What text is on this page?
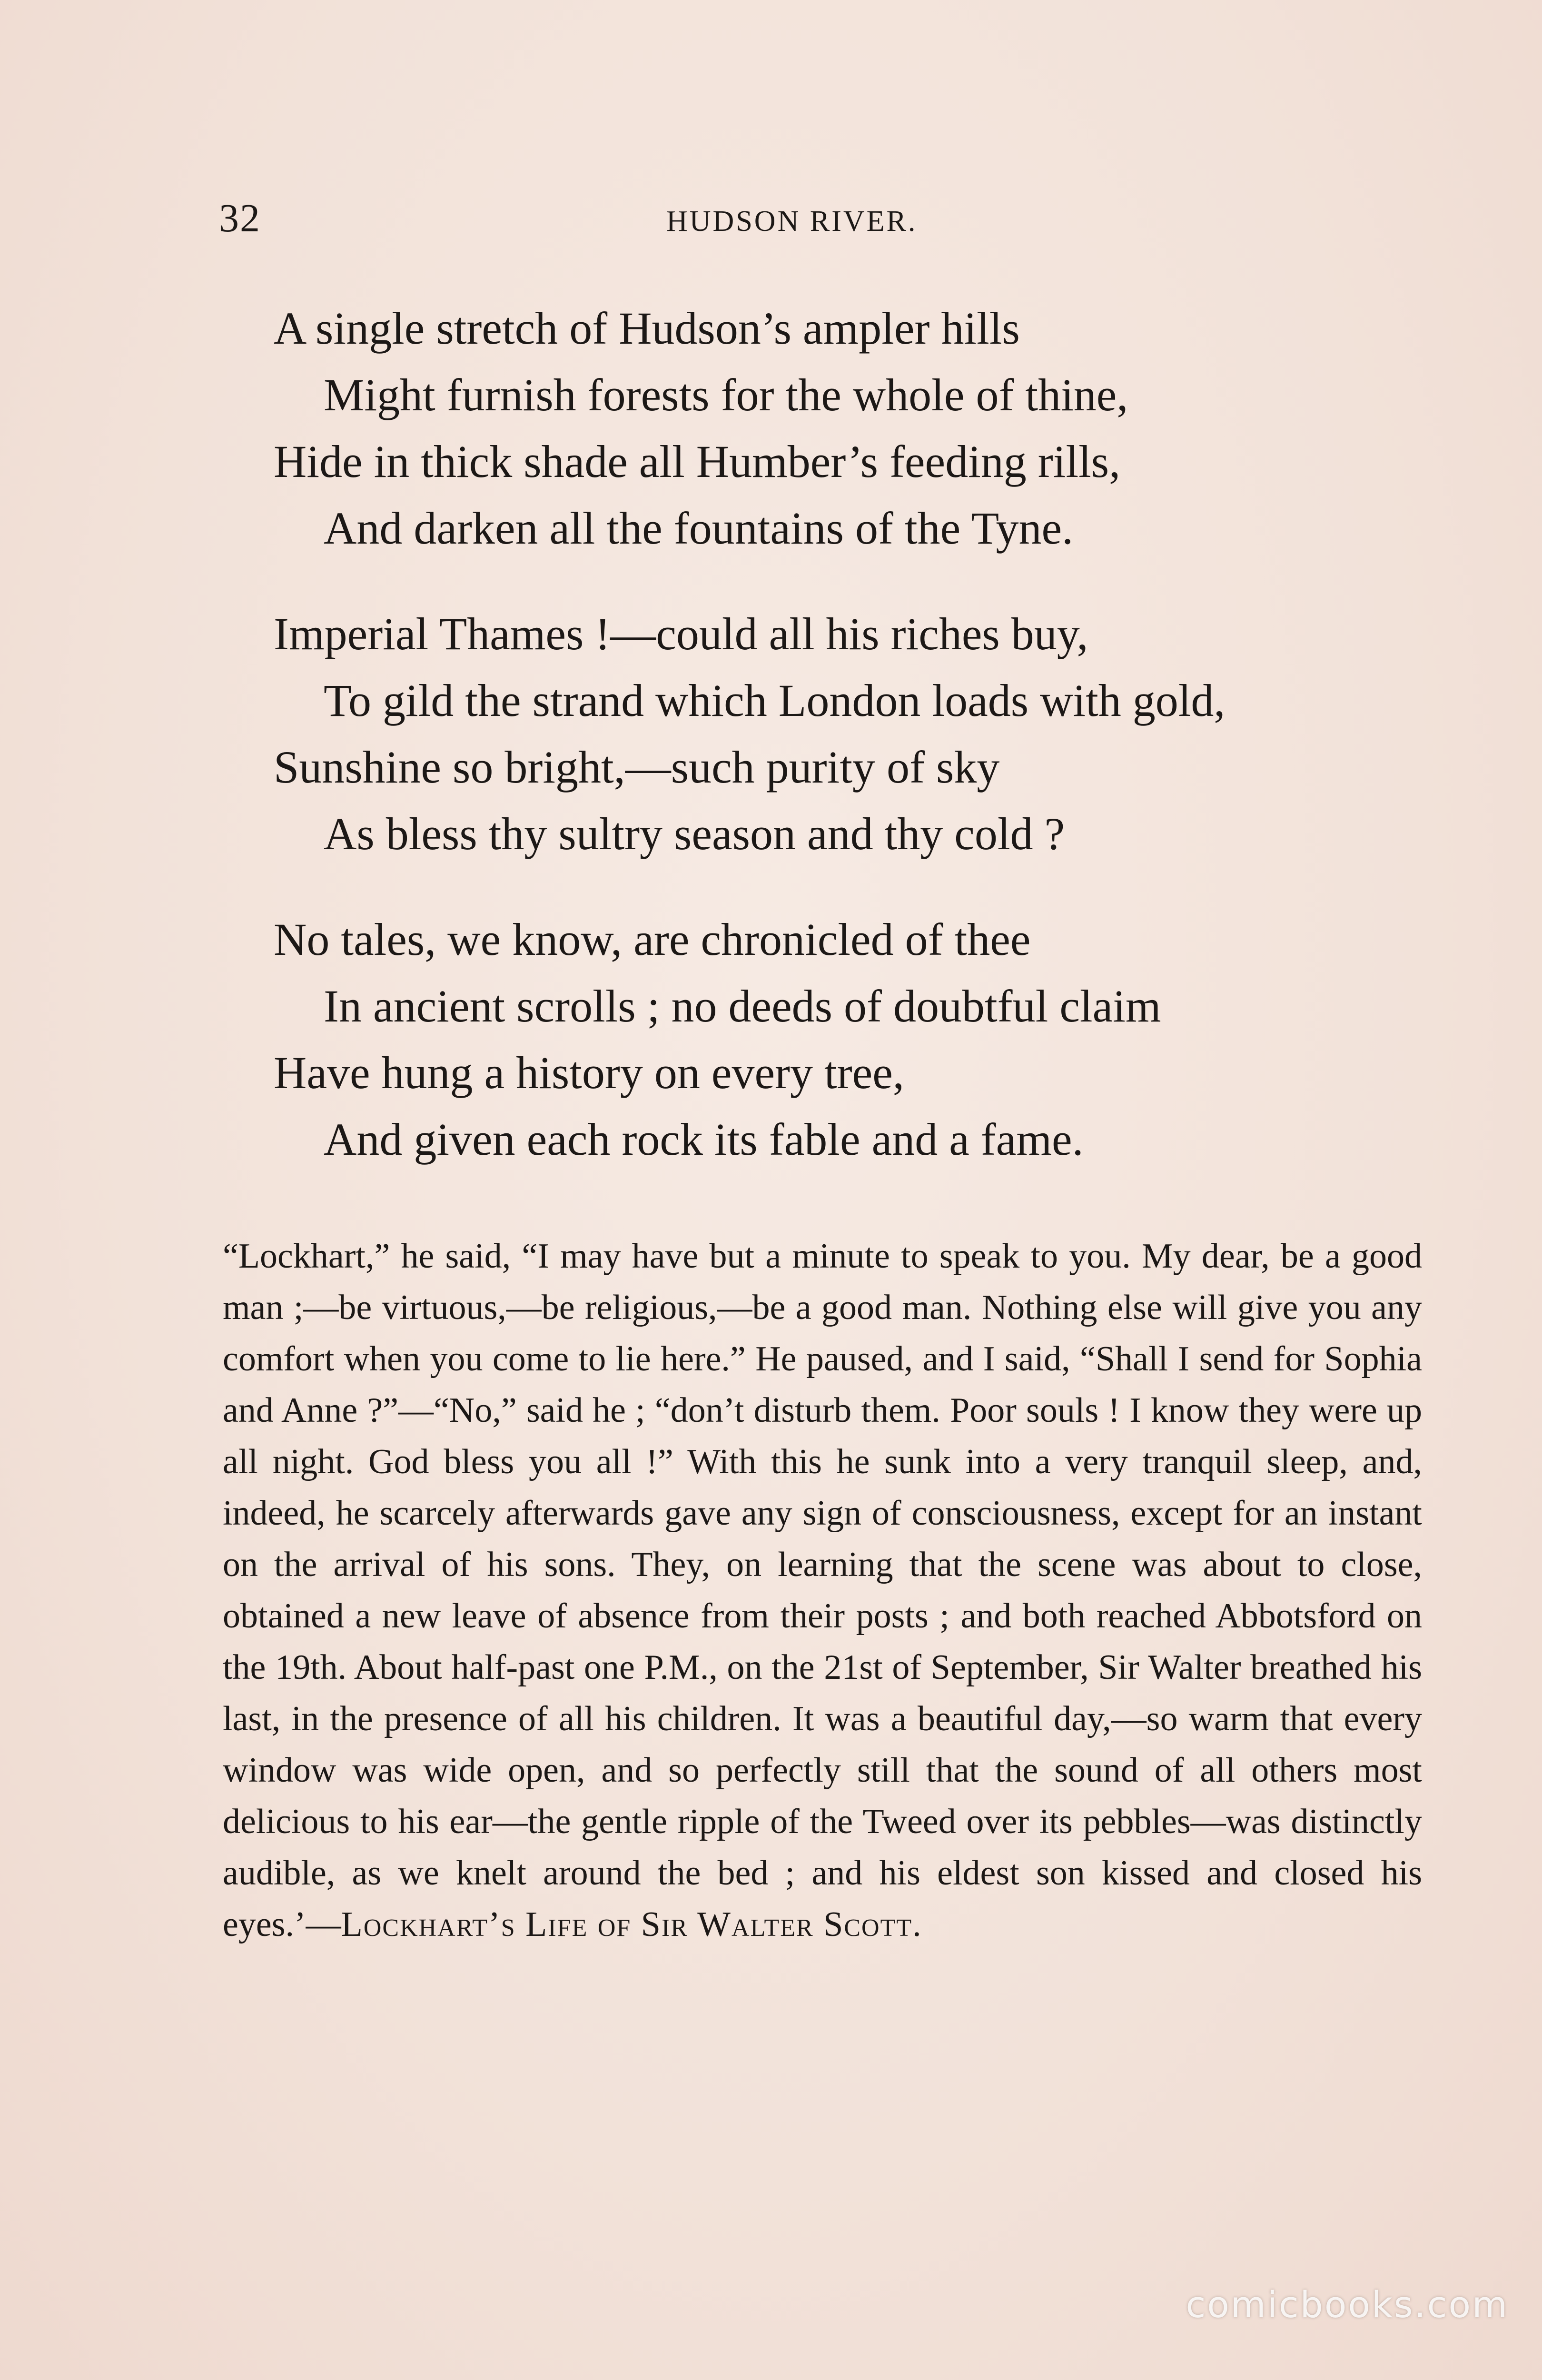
32	HUDSON RIVER.
A single stretch of Hudson’s ampler hills
Might furnish forests for the whole of thine,
Hide in thick shade all Humber’s feeding rills,
And darken all the fountains of the Tyne.
Imperial Thames !—could all his riches buy,
To gild the strand which London loads with gold,
Sunshine so bright,—such purity of sky
As bless thy sultry season and thy cold ?
No tales, we know, are chronicled of thee
In ancient scrolls ; no deeds of doubtful claim
Have hung a history on every tree,
And given each rock its fable and a fame.
“Lockhart,” he said, “I may have but a minute to speak to you. My dear, be a good man ;—be virtuous,—be religious,—be a good man. Nothing else will give you any comfort when you come to lie here.” He paused, and I said, “Shall I send for Sophia and Anne ?”—“No,” said he ; “don’t disturb them. Poor souls ! I know they were up all night. God bless you all !” With this he sunk into a very tranquil sleep, and, indeed, he scarcely afterwards gave any sign of consciousness, except for an instant on the arrival of his sons. They, on learning that the scene was about to close, obtained a new leave of absence from their posts ; and both reached Abbotsford on the 19th. About half-past one P.M., on the 21st of September, Sir Walter breathed his last, in the presence of all his children. It was a beautiful day,—so warm that every window was wide open, and so perfectly still that the sound of all others most delicious to his ear—the gentle ripple of the Tweed over its pebbles—was distinctly audible, as we knelt around the bed ; and his eldest son kissed and closed his eyes.’—Lockhart’s Life of Sir Walter Scott.
comicbooks.com
